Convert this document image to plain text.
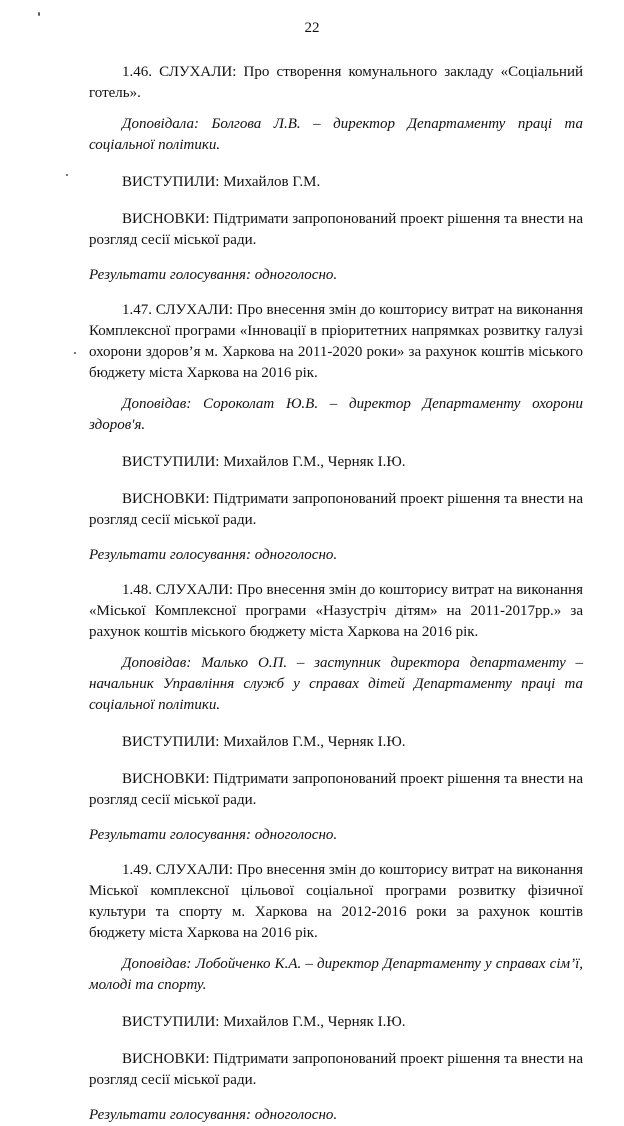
22

1.46. СЛУХАЛИ: Про створення комунального закладу «Соціальний готель».

Доповідала: Болгова Л.В. – директор Департаменту праці та соціальної політики.

ВИСТУПИЛИ: Михайлов Г.М.

ВИСНОВКИ: Підтримати запропонований проект рішення та внести на розгляд сесії міської ради.

Результати голосування: одноголосно.

1.47. СЛУХАЛИ: Про внесення змін до кошторису витрат на виконання Комплексної програми «Інновації в пріоритетних напрямках розвитку галузі охорони здоров’я м. Харкова на 2011-2020 роки» за рахунок коштів міського бюджету міста Харкова на 2016 рік.

Доповідав: Сороколат Ю.В. – директор Департаменту охорони здоров'я.

ВИСТУПИЛИ: Михайлов Г.М., Черняк І.Ю.

ВИСНОВКИ: Підтримати запропонований проект рішення та внести на розгляд сесії міської ради.

Результати голосування: одноголосно.

1.48. СЛУХАЛИ: Про внесення змін до кошторису витрат на виконання «Міської Комплексної програми «Назустріч дітям» на 2011-2017рр.» за рахунок коштів міського бюджету міста Харкова на 2016 рік.

Доповідав: Малько О.П. – заступник директора департаменту – начальник Управління служб у справах дітей Департаменту праці та соціальної політики.

ВИСТУПИЛИ: Михайлов Г.М., Черняк І.Ю.

ВИСНОВКИ: Підтримати запропонований проект рішення та внести на розгляд сесії міської ради.

Результати голосування: одноголосно.

1.49. СЛУХАЛИ: Про внесення змін до кошторису витрат на виконання Міської комплексної цільової соціальної програми розвитку фізичної культури та спорту м. Харкова на 2012-2016 роки за рахунок коштів бюджету міста Харкова на 2016 рік.

Доповідав: Лобойченко К.А. – директор Департаменту у справах сім’ї, молоді та спорту.

ВИСТУПИЛИ: Михайлов Г.М., Черняк І.Ю.

ВИСНОВКИ: Підтримати запропонований проект рішення та внести на розгляд сесії міської ради.

Результати голосування: одноголосно.
